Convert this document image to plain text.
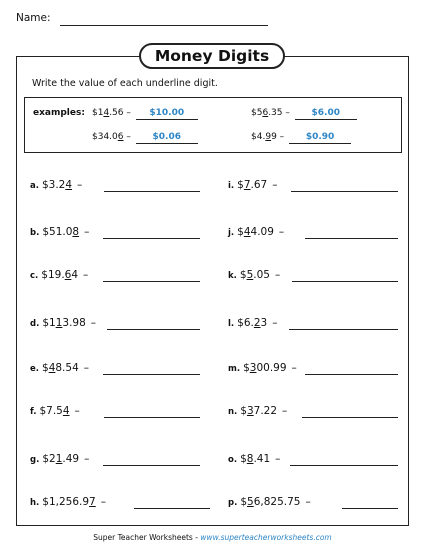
Name:
Money Digits
Write the value of each underline digit.
examples: $14.56 – $10.00	$56.35 – $6.00
$34.06 – $0.06	$4.99 – $0.90
a. $3.24 –
b. $51.08 –
c. $19.64 –
d. $113.98 –
e. $48.54 –
f. $7.54 –
g. $21.49 –
h. $1,256.97 –
i. $7.67 –
j. $44.09 –
k. $5.05 –
l. $6.23 –
m. $300.99 –
n. $37.22 –
o. $8.41 –
p. $56,825.75 –
Super Teacher Worksheets - www.superteacherworksheets.com
